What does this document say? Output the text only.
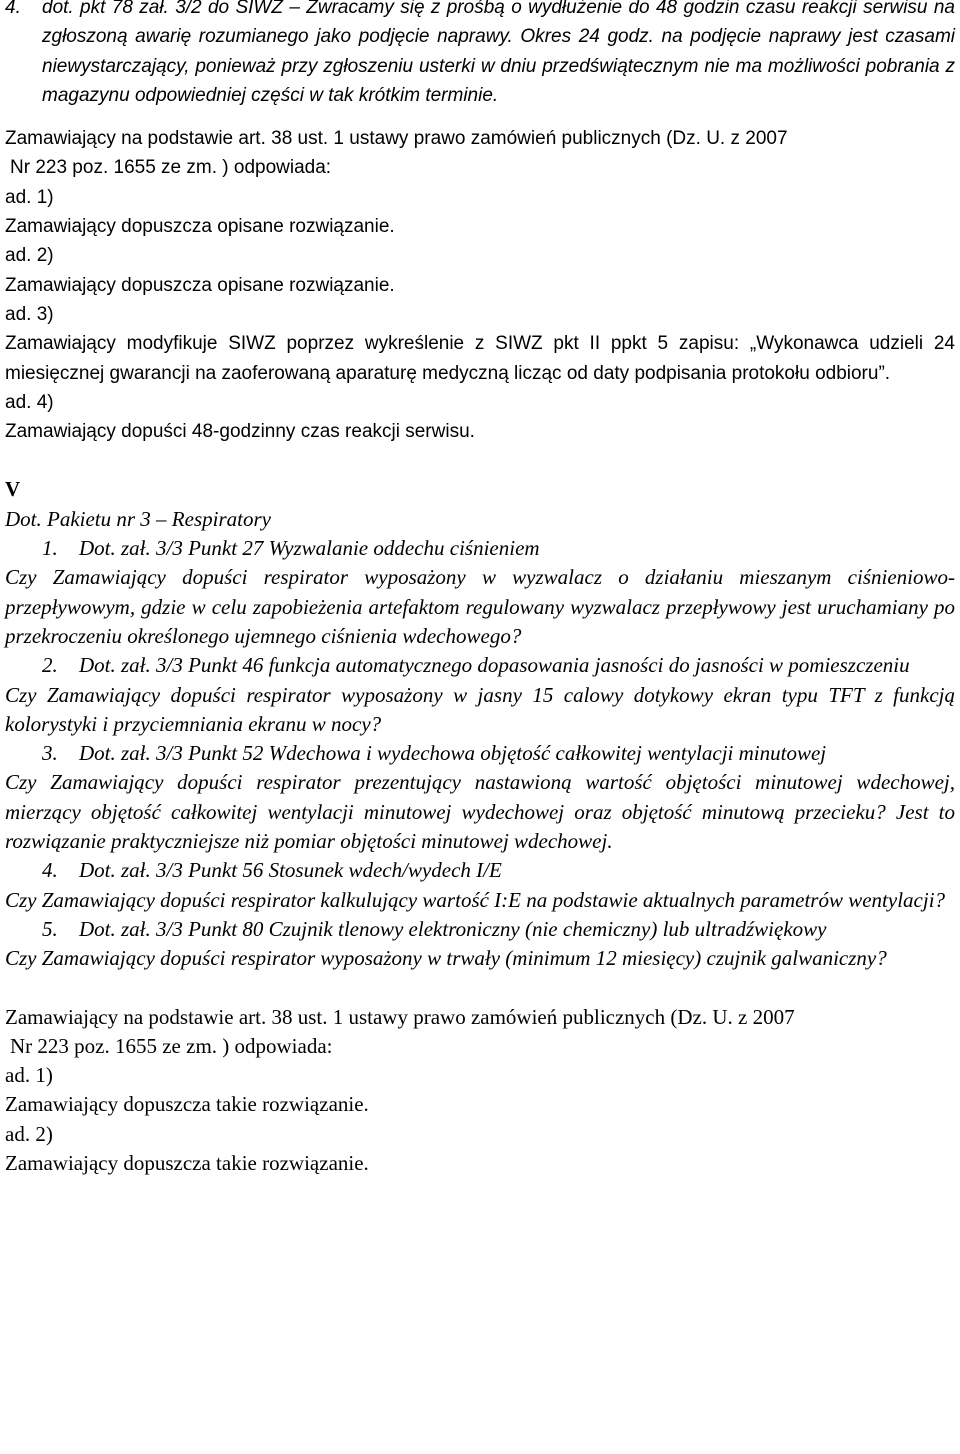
4.	dot. pkt 78 zał. 3/2 do SIWZ – Zwracamy się z prośbą o wydłużenie do 48 godzin czasu reakcji serwisu na zgłoszoną awarię rozumianego jako podjęcie naprawy. Okres 24 godz. na podjęcie naprawy jest czasami niewystarczający, ponieważ przy zgłoszeniu usterki w dniu przedświątecznym nie ma możliwości pobrania z magazynu odpowiedniej części w tak krótkim terminie.

Zamawiający na podstawie art. 38 ust. 1 ustawy prawo zamówień publicznych (Dz. U. z 2007

Nr 223 poz. 1655 ze zm. ) odpowiada:

ad. 1)

Zamawiający dopuszcza opisane rozwiązanie.

ad. 2)

Zamawiający dopuszcza opisane rozwiązanie.

ad. 3)

Zamawiający modyfikuje SIWZ poprzez wykreślenie z SIWZ pkt II ppkt 5 zapisu: „Wykonawca udzieli 24 miesięcznej gwarancji na zaoferowaną aparaturę medyczną licząc od daty podpisania protokołu odbioru”.

ad. 4)

Zamawiający dopuści 48-godzinny czas reakcji serwisu.

V

Dot. Pakietu nr 3 – Respiratory

1.	Dot. zał. 3/3 Punkt 27 Wyzwalanie oddechu ciśnieniem

Czy Zamawiający dopuści respirator wyposażony w wyzwalacz o działaniu mieszanym ciśnieniowo-przepływowym, gdzie w celu zapobieżenia artefaktom regulowany wyzwalacz przepływowy jest uruchamiany po przekroczeniu określonego ujemnego ciśnienia wdechowego?

2.	Dot. zał. 3/3 Punkt 46 funkcja automatycznego dopasowania jasności do jasności w pomieszczeniu

Czy Zamawiający dopuści respirator wyposażony w jasny 15 calowy dotykowy ekran typu TFT z funkcją kolorystyki i przyciemniania ekranu w nocy?

3.	Dot. zał. 3/3 Punkt 52 Wdechowa i wydechowa objętość całkowitej wentylacji minutowej

Czy Zamawiający dopuści respirator prezentujący nastawioną wartość objętości minutowej wdechowej, mierzący objętość całkowitej wentylacji minutowej wydechowej oraz objętość minutową przecieku? Jest to rozwiązanie praktyczniejsze niż pomiar objętości minutowej wdechowej.

4.	Dot. zał. 3/3 Punkt 56 Stosunek wdech/wydech I/E

Czy Zamawiający dopuści respirator kalkulujący wartość I:E na podstawie aktualnych parametrów wentylacji?

5.	Dot. zał. 3/3 Punkt 80 Czujnik tlenowy elektroniczny (nie chemiczny) lub ultradźwiękowy

Czy Zamawiający dopuści respirator wyposażony w trwały (minimum 12 miesięcy) czujnik galwaniczny?

Zamawiający na podstawie art. 38 ust. 1 ustawy prawo zamówień publicznych (Dz. U. z 2007

Nr 223 poz. 1655 ze zm. ) odpowiada:

ad. 1)

Zamawiający dopuszcza takie rozwiązanie.

ad. 2)

Zamawiający dopuszcza takie rozwiązanie.
